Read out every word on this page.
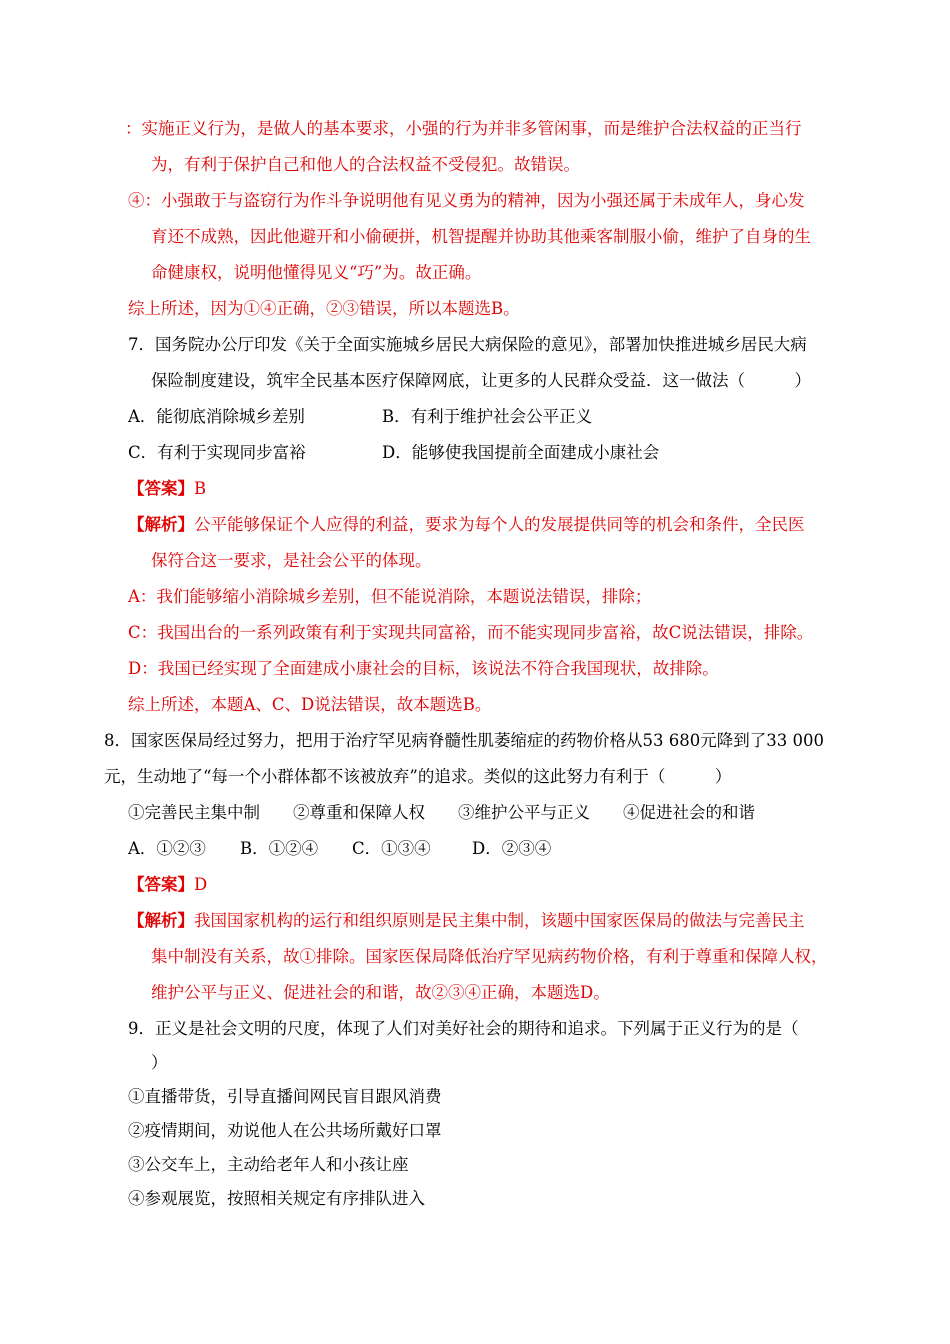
：实施正义行为，是做人的基本要求，小强的行为并非多管闲事，而是维护合法权益的正当行
为，有利于保护自己和他人的合法权益不受侵犯。故错误。
④：小强敢于与盗窃行为作斗争说明他有见义勇为的精神，因为小强还属于未成年人，身心发
育还不成熟，因此他避开和小偷硬拼，机智提醒并协助其他乘客制服小偷，维护了自身的生
命健康权，说明他懂得见义“巧”为。故正确。
综上所述，因为①④正确，②③错误，所以本题选B。
7．国务院办公厅印发《关于全面实施城乡居民大病保险的意见》，部署加快推进城乡居民大病
保险制度建设，筑牢全民基本医疗保障网底，让更多的人民群众受益．这一做法（　　　）
A．能彻底消除城乡差别	B．有利于维护社会公平正义
C．有利于实现同步富裕	D．能够使我国提前全面建成小康社会
【答案】B
【解析】公平能够保证个人应得的利益，要求为每个人的发展提供同等的机会和条件，全民医
保符合这一要求，是社会公平的体现。
A：我们能够缩小消除城乡差别，但不能说消除，本题说法错误，排除；
C：我国出台的一系列政策有利于实现共同富裕，而不能实现同步富裕，故C说法错误，排除。
D：我国已经实现了全面建成小康社会的目标，该说法不符合我国现状，故排除。
综上所述，本题A、C、D说法错误，故本题选B。
8．国家医保局经过努力，把用于治疗罕见病脊髓性肌萎缩症的药物价格从53 680元降到了33 000
元，生动地了“每一个小群体都不该被放弃”的追求。类似的这此努力有利于（　　　）
①完善民主集中制　　②尊重和保障人权　　③维护公平与正义　　④促进社会的和谐
A．①②③ B．①②④ C．①③④	D．②③④
【答案】D
【解析】我国国家机构的运行和组织原则是民主集中制，该题中国家医保局的做法与完善民主
集中制没有关系，故①排除。国家医保局降低治疗罕见病药物价格，有利于尊重和保障人权，
维护公平与正义、促进社会的和谐，故②③④正确，本题选D。
9．正义是社会文明的尺度，体现了人们对美好社会的期待和追求。下列属于正义行为的是（
）
①直播带货，引导直播间网民盲目跟风消费
②疫情期间，劝说他人在公共场所戴好口罩
③公交车上，主动给老年人和小孩让座
④参观展览，按照相关规定有序排队进入
